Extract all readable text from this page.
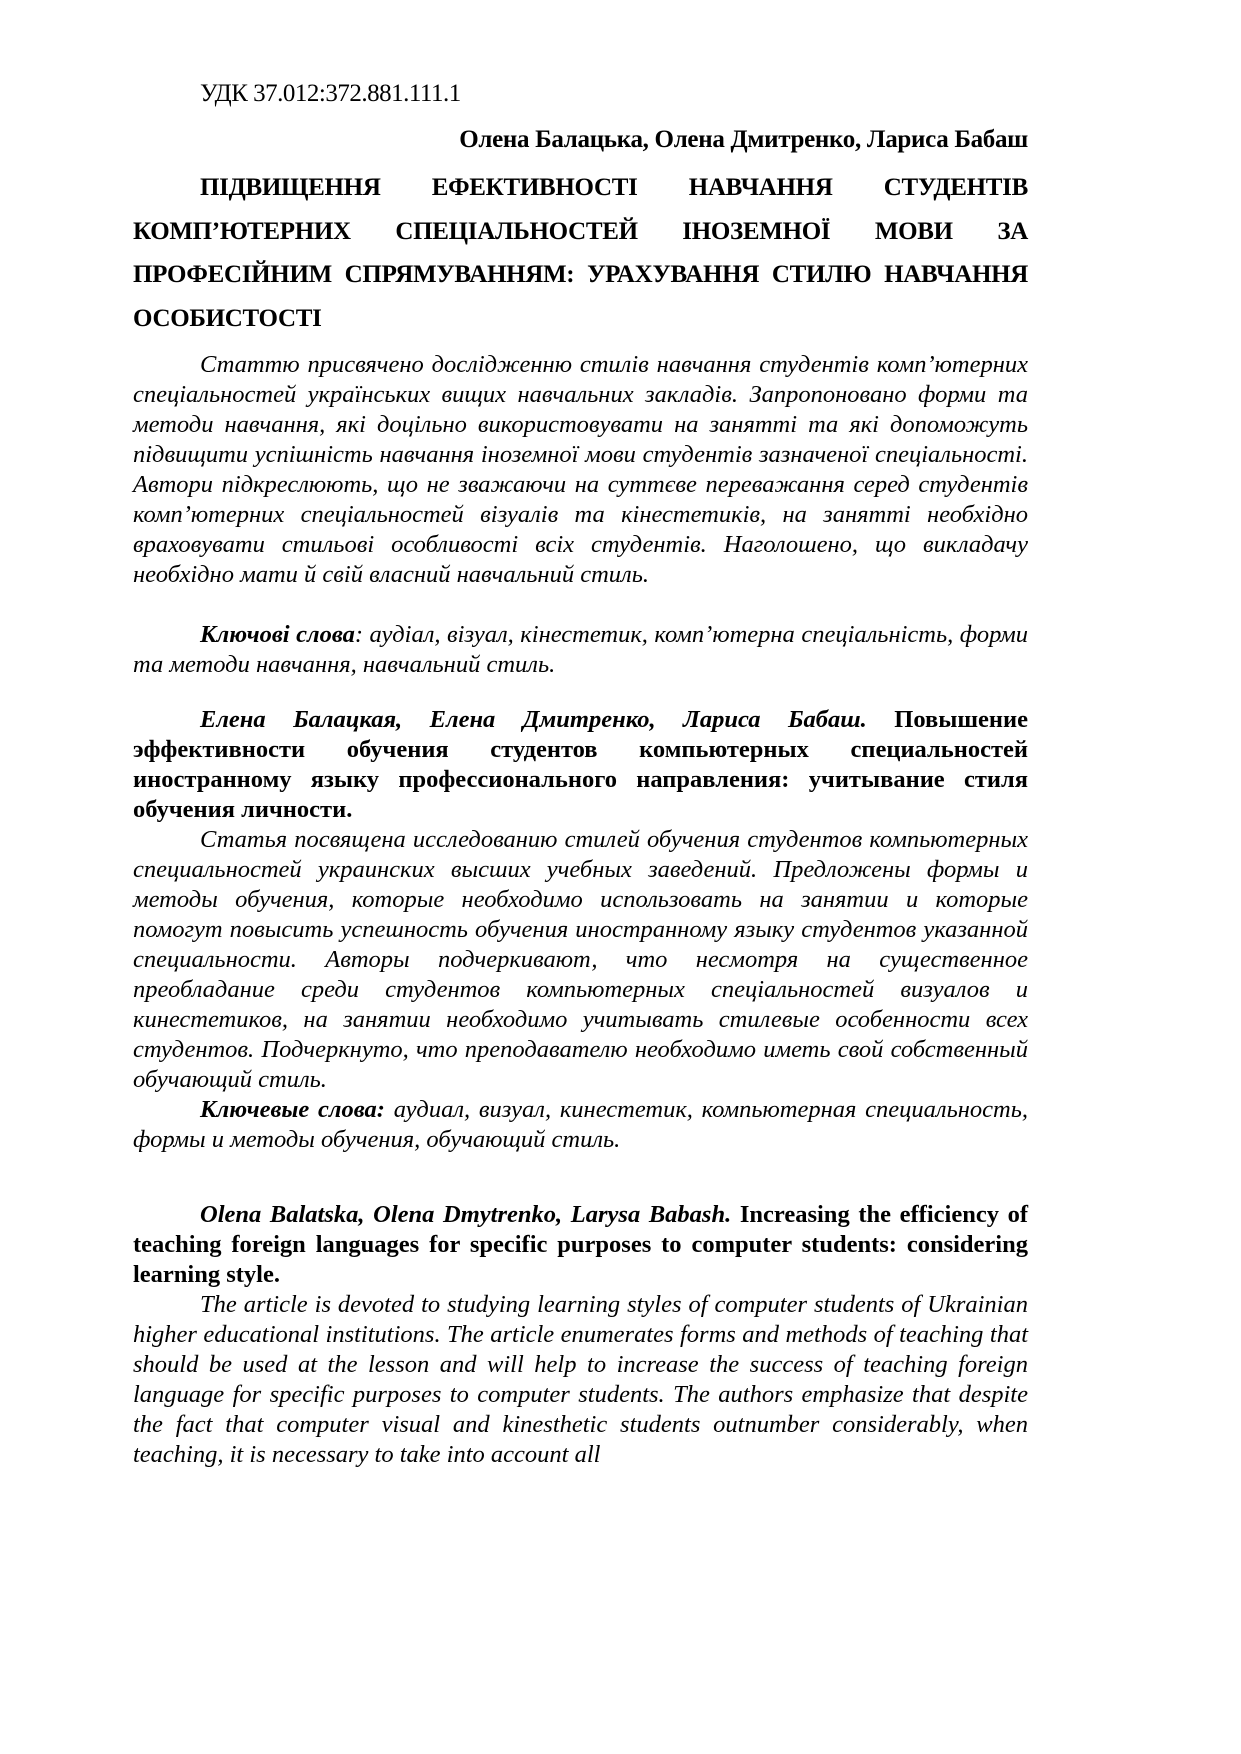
УДК 37.012:372.881.111.1
Олена Балацька, Олена Дмитренко, Лариса Бабаш
ПІДВИЩЕННЯ ЕФЕКТИВНОСТІ НАВЧАННЯ СТУДЕНТІВ КОМП’ЮТЕРНИХ СПЕЦІАЛЬНОСТЕЙ ІНОЗЕМНОЇ МОВИ ЗА ПРОФЕСІЙНИМ СПРЯМУВАННЯМ: УРАХУВАННЯ СТИЛЮ НАВЧАННЯ ОСОБИСТОСТІ

Статтю присвячено дослідженню стилів навчання студентів комп’ютерних спеціальностей українських вищих навчальних закладів. Запропоновано форми та методи навчання, які доцільно використовувати на занятті та які допоможуть підвищити успішність навчання іноземної мови студентів зазначеної спеціальності. Автори підкреслюють, що не зважаючи на суттєве переважання серед студентів комп’ютерних спеціальностей візуалів та кінестетиків, на занятті необхідно враховувати стильові особливості всіх студентів. Наголошено, що викладачу необхідно мати й свій власний навчальний стиль.

Ключові слова: аудіал, візуал, кінестетик, комп’ютерна спеціальність, форми та методи навчання, навчальний стиль.

Елена Балацкая, Елена Дмитренко, Лариса Бабаш. Повышение эффективности обучения студентов компьютерных специальностей иностранному языку профессионального направления: учитывание стиля обучения личности.

Статья посвящена исследованию стилей обучения студентов компьютерных специальностей украинских высших учебных заведений. Предложены формы и методы обучения, которые необходимо использовать на занятии и которые помогут повысить успешность обучения иностранному языку студентов указанной специальности. Авторы подчеркивают, что несмотря на существенное преобладание среди студентов компьютерных спеціальностей визуалов и кинестетиков, на занятии необходимо учитывать стилевые особенности всех студентов. Подчеркнуто, что преподавателю необходимо иметь свой собственный обучающий стиль.

Ключевые слова: аудиал, визуал, кинестетик, компьютерная специальность, формы и методы обучения, обучающий стиль.

Olena Balatska, Olena Dmytrenko, Larysa Babash. Increasing the efficiency of teaching foreign languages for specific purposes to computer students: considering learning style.

The article is devoted to studying learning styles of computer students of Ukrainian higher educational institutions. The article enumerates forms and methods of teaching that should be used at the lesson and will help to increase the success of teaching foreign language for specific purposes to computer students. The authors emphasize that despite the fact that computer visual and kinesthetic students outnumber considerably, when teaching, it is necessary to take into account all
